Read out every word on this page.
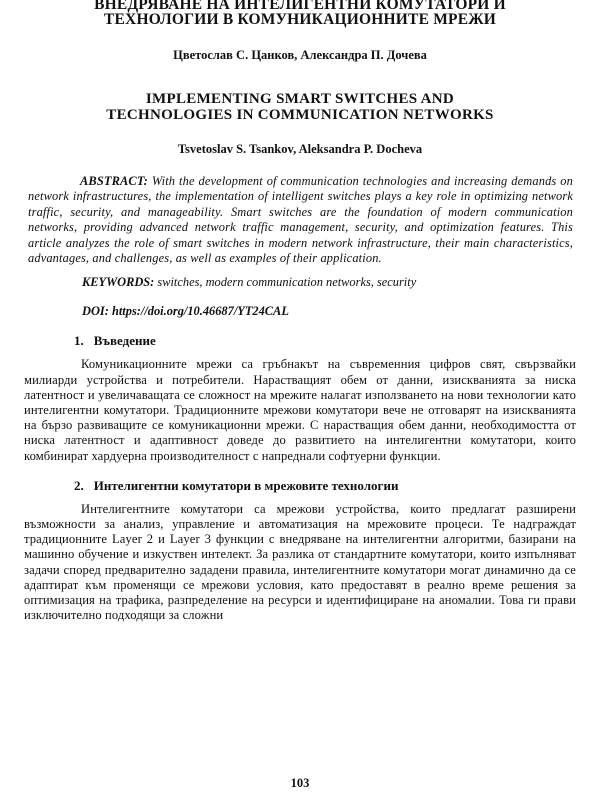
ВНЕДРЯВАНЕ НА ИНТЕЛИГЕНТНИ КОМУТАТОРИ И
ТЕХНОЛОГИИ В КОМУНИКАЦИОННИТЕ МРЕЖИ
Цветослав С. Цанков, Александра П. Дочева
IMPLEMENTING SMART SWITCHES AND
TECHNOLOGIES IN COMMUNICATION NETWORKS
Tsvetoslav S. Tsankov, Aleksandra P. Docheva
ABSTRACT: With the development of communication technologies and increasing demands on network infrastructures, the implementation of intelligent switches plays a key role in optimizing network traffic, security, and manageability. Smart switches are the foundation of modern communication networks, providing advanced network traffic management, security, and optimization features. This article analyzes the role of smart switches in modern network infrastructure, their main characteristics, advantages, and challenges, as well as examples of their application.
KEYWORDS: switches, modern communication networks, security
DOI: https://doi.org/10.46687/YT24CAL
1. Въведение
Комуникационните мрежи са гръбнакът на съвременния цифров свят, свързвайки милиарди устройства и потребители. Нарастващият обем от данни, изискванията за ниска латентност и увеличаващата се сложност на мрежите налагат използването на нови технологии като интелигентни комутатори. Традиционните мрежови комутатори вече не отговарят на изискванията на бързо развиващите се комуникационни мрежи. С нарастващия обем данни, необходимостта от ниска латентност и адаптивност доведе до развитието на интелигентни комутатори, които комбинират хардуерна производителност с напреднали софтуерни функции.
2. Интелигентни комутатори в мрежовите технологии
Интелигентните комутатори са мрежови устройства, които предлагат разширени възможности за анализ, управление и автоматизация на мрежовите процеси. Те надграждат традиционните Layer 2 и Layer 3 функции с внедряване на интелигентни алгоритми, базирани на машинно обучение и изкуствен интелект. За разлика от стандартните комутатори, които изпълняват задачи според предварително зададени правила, интелигентните комутатори могат динамично да се адаптират към променящи се мрежови условия, като предоставят в реално време решения за оптимизация на трафика, разпределение на ресурси и идентифициране на аномалии. Това ги прави изключително подходящи за сложни
103
